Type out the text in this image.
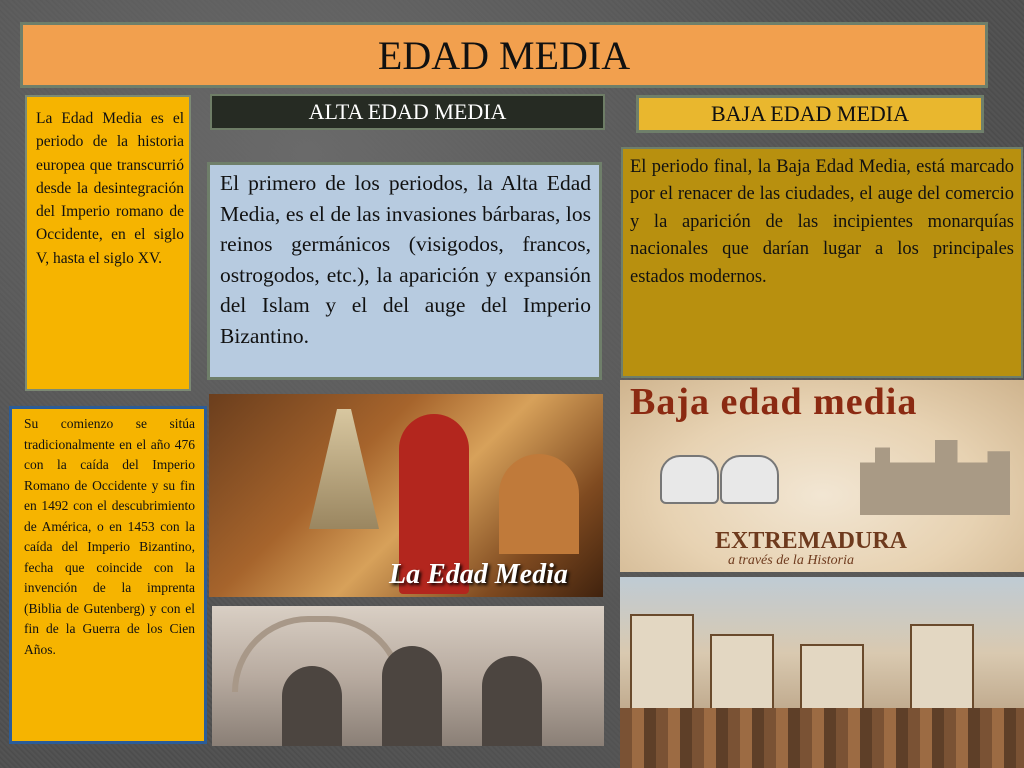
EDAD MEDIA
La Edad Media es el periodo de la historia europea que transcurrió desde la desintegración del Imperio romano de Occidente, en el siglo V, hasta el siglo XV.
ALTA EDAD MEDIA
El primero de los periodos, la Alta Edad Media, es el de las invasiones bárbaras, los reinos germánicos (visigodos, francos, ostrogodos, etc.), la aparición y expansión del Islam y el del auge del Imperio Bizantino.
BAJA EDAD MEDIA
El periodo final, la Baja Edad Media, está marcado por el renacer de las ciudades, el auge del comercio y la aparición de las incipientes monarquías nacionales que darían lugar a los principales estados modernos.
Su comienzo se sitúa tradicionalmente en el año 476 con la caída del Imperio Romano de Occidente y su fin en 1492 con el descubrimiento de América, o en 1453 con la caída del Imperio Bizantino, fecha que coincide con la invención de la imprenta (Biblia de Gutenberg) y con el fin de la Guerra de los Cien Años.
La Edad Media
Baja edad media
EXTREMADURA
a través de la Historia
